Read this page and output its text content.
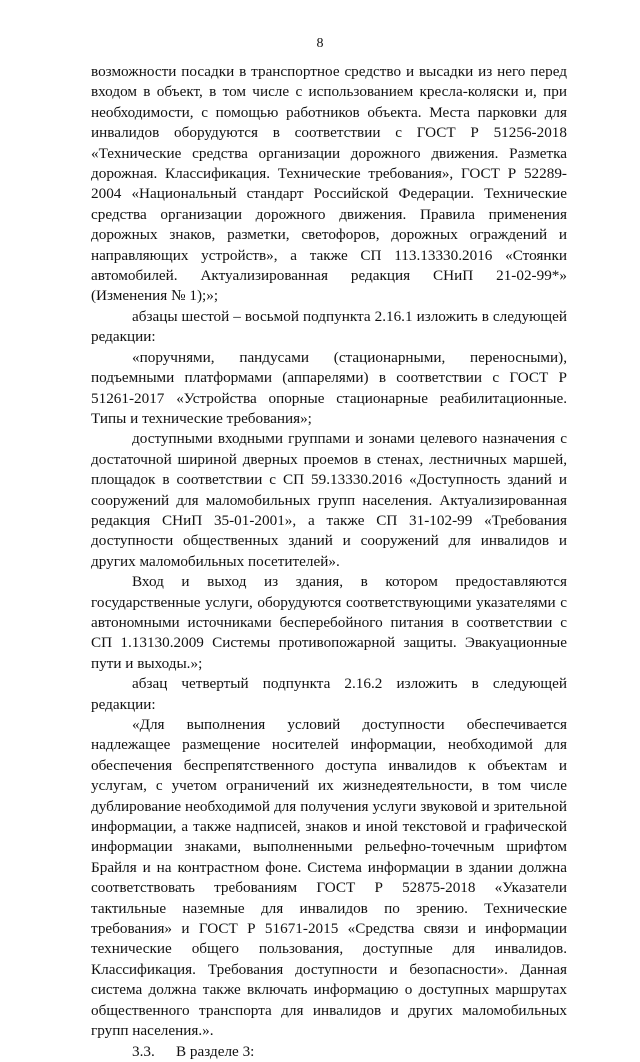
8

возможности посадки в транспортное средство и высадки из него перед входом в объект, в том числе с использованием кресла-коляски и, при необходимости, с помощью работников объекта. Места парковки для инвалидов оборудуются в соответствии с ГОСТ Р 51256-2018 «Технические средства организации дорожного движения. Разметка дорожная. Классификация. Технические требования», ГОСТ Р 52289-2004 «Национальный стандарт Российской Федерации. Технические средства организации дорожного движения. Правила применения дорожных знаков, разметки, светофоров, дорожных ограждений и направляющих устройств», а также СП 113.13330.2016 «Стоянки автомобилей. Актуализированная редакция СНиП 21-02-99*» (Изменения № 1);»;

абзацы шестой – восьмой подпункта 2.16.1 изложить в следующей редакции:

«поручнями, пандусами (стационарными, переносными), подъемными платформами (аппарелями) в соответствии с ГОСТ Р 51261-2017 «Устройства опорные стационарные реабилитационные. Типы и технические требования»;

доступными входными группами и зонами целевого назначения с достаточной шириной дверных проемов в стенах, лестничных маршей, площадок в соответствии с СП 59.13330.2016 «Доступность зданий и сооружений для маломобильных групп населения. Актуализированная редакция СНиП 35-01-2001», а также СП 31-102-99 «Требования доступности общественных зданий и сооружений для инвалидов и других маломобильных посетителей».

Вход и выход из здания, в котором предоставляются государственные услуги, оборудуются соответствующими указателями с автономными источниками бесперебойного питания в соответствии с СП 1.13130.2009 Системы противопожарной защиты. Эвакуационные пути и выходы.»;

абзац четвертый подпункта 2.16.2 изложить в следующей редакции:

«Для выполнения условий доступности обеспечивается надлежащее размещение носителей информации, необходимой для обеспечения беспрепятственного доступа инвалидов к объектам и услугам, с учетом ограничений их жизнедеятельности, в том числе дублирование необходимой для получения услуги звуковой и зрительной информации, а также надписей, знаков и иной текстовой и графической информации знаками, выполненными рельефно-точечным шрифтом Брайля и на контрастном фоне. Система информации в здании должна соответствовать требованиям ГОСТ Р 52875-2018 «Указатели тактильные наземные для инвалидов по зрению. Технические требования» и ГОСТ Р 51671-2015 «Средства связи и информации технические общего пользования, доступные для инвалидов. Классификация. Требования доступности и безопасности». Данная система должна также включать информацию о доступных маршрутах общественного транспорта для инвалидов и других маломобильных групп населения.».

3.3. В разделе 3:
